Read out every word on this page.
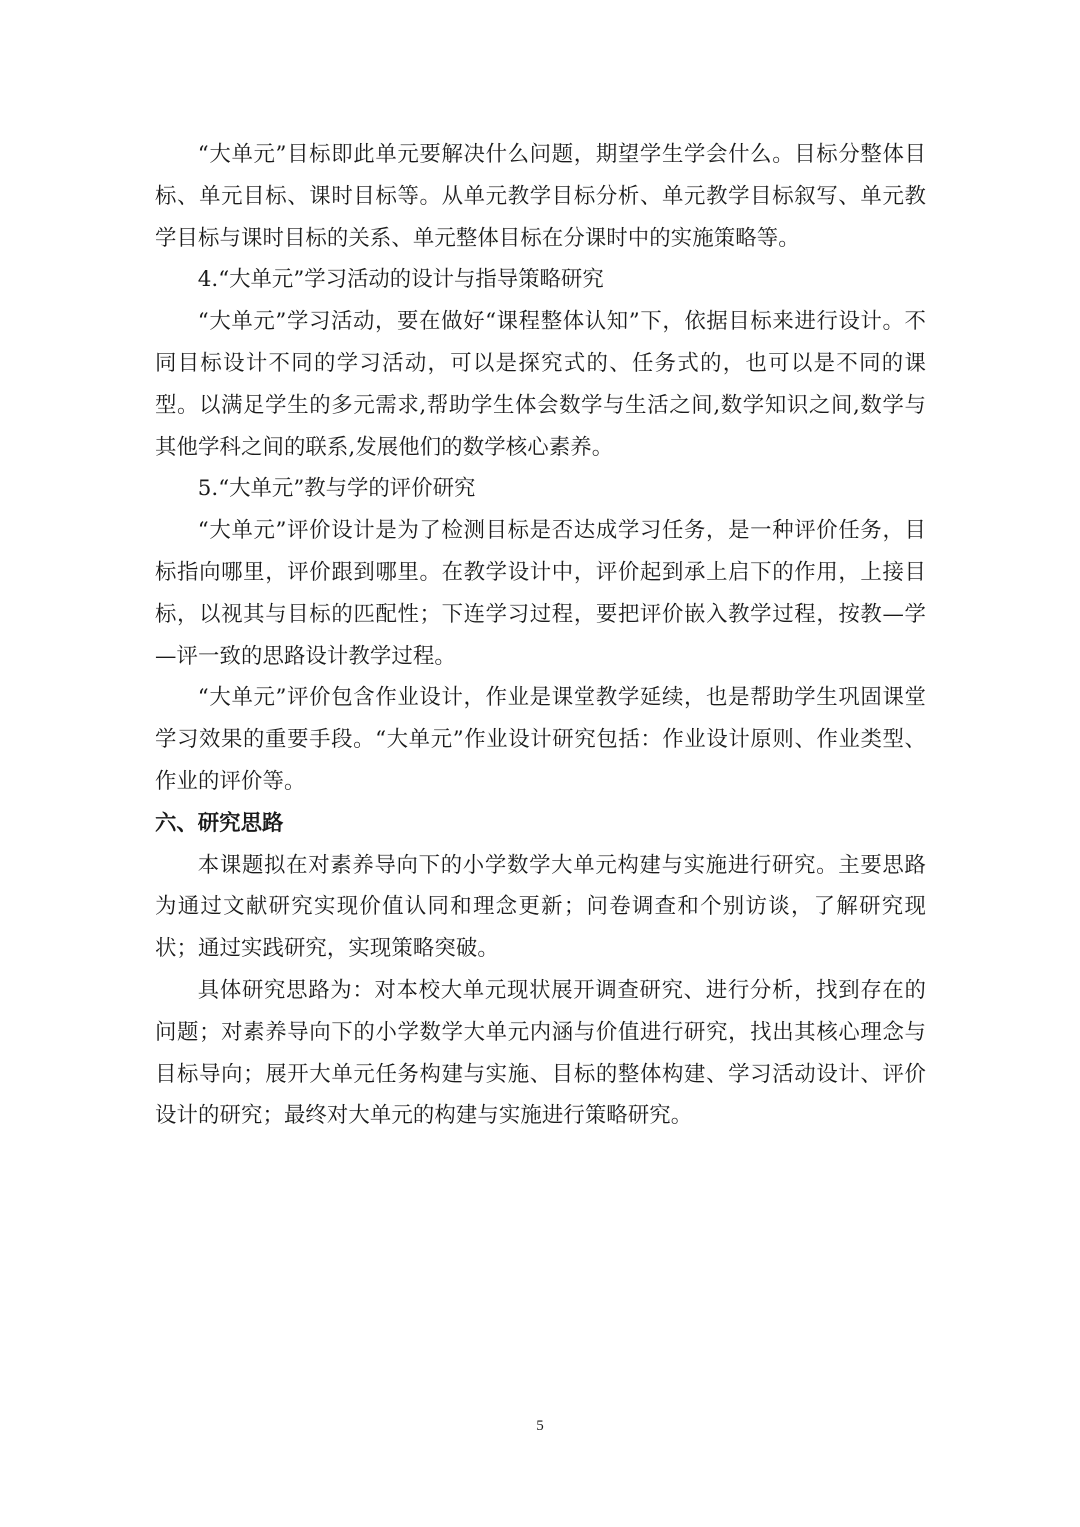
“大单元”目标即此单元要解决什么问题，期望学生学会什么。目标分整体目标、单元目标、课时目标等。从单元教学目标分析、单元教学目标叙写、单元教学目标与课时目标的关系、单元整体目标在分课时中的实施策略等。

4.“大单元”学习活动的设计与指导策略研究

“大单元”学习活动，要在做好“课程整体认知”下，依据目标来进行设计。不同目标设计不同的学习活动，可以是探究式的、任务式的，也可以是不同的课型。以满足学生的多元需求,帮助学生体会数学与生活之间,数学知识之间,数学与其他学科之间的联系,发展他们的数学核心素养。

5.“大单元”教与学的评价研究

“大单元”评价设计是为了检测目标是否达成学习任务，是一种评价任务，目标指向哪里，评价跟到哪里。在教学设计中，评价起到承上启下的作用，上接目标，以视其与目标的匹配性；下连学习过程，要把评价嵌入教学过程，按教—学—评一致的思路设计教学过程。

“大单元”评价包含作业设计，作业是课堂教学延续，也是帮助学生巩固课堂学习效果的重要手段。“大单元”作业设计研究包括：作业设计原则、作业类型、作业的评价等。

六、研究思路

本课题拟在对素养导向下的小学数学大单元构建与实施进行研究。主要思路为通过文献研究实现价值认同和理念更新；问卷调查和个别访谈，了解研究现状；通过实践研究，实现策略突破。

具体研究思路为：对本校大单元现状展开调查研究、进行分析，找到存在的问题；对素养导向下的小学数学大单元内涵与价值进行研究，找出其核心理念与目标导向；展开大单元任务构建与实施、目标的整体构建、学习活动设计、评价设计的研究；最终对大单元的构建与实施进行策略研究。

5
